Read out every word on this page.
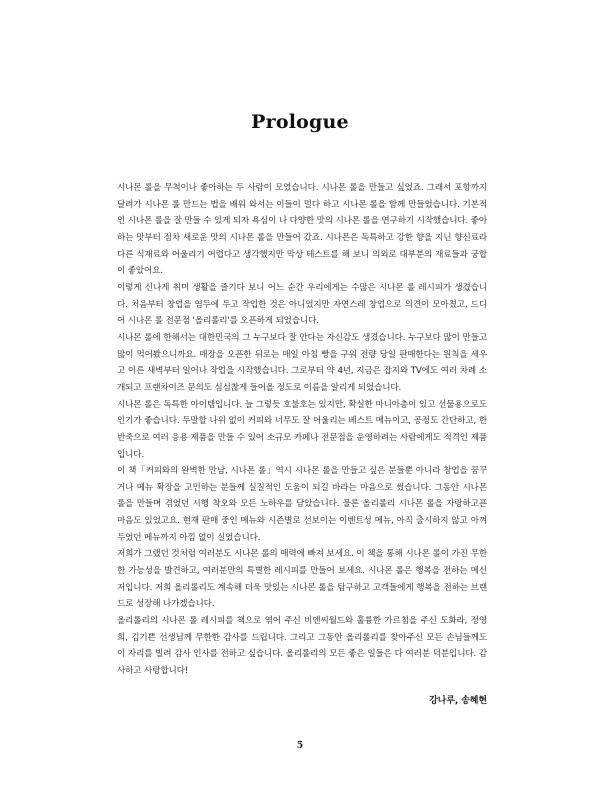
Prologue

시나몬 롤을 무척이나 좋아하는 두 사람이 모였습니다. 시나몬 롤을 만들고 싶었죠. 그래서 포항까지 달려가 시나몬 롤 만드는 법을 배워 와서는 이들이 멀다 하고 시나몬 롤을 함께 만들었습니다. 기본적인 시나몬 롤을 잘 만들 수 있게 되자 욕심이 나 다양한 맛의 시나몬 롤을 연구하기 시작했습니다. 좋아하는 맛부터 점차 새로운 맛의 시나몬 롤을 만들어 갔죠. 시나몬은 독특하고 강한 향을 지닌 향신료라 다른 식재료와 어울리기 어렵다고 생각했지만 막상 테스트를 해 보니 의외로 대부분의 재료들과 궁합이 좋았어요.

이렇게 신나게 취미 생활을 즐기다 보니 어느 순간 우리에게는 수많은 시나몬 롤 레시피가 생겼습니다. 처음부터 창업을 염두에 두고 작업한 것은 아니었지만 자연스레 창업으로 의견이 모아졌고, 드디어 시나몬 롤 전문점 '올리롤리'를 오픈하게 되었습니다.

시나몬 롤에 한해서는 대한민국의 그 누구보다 잘 안다는 자신감도 생겼습니다. 누구보다 많이 만들고 많이 먹어봤으니까요. 매장을 오픈한 뒤로는 매일 아침 빵을 구워 전량 당일 판매한다는 원칙을 세우고 이른 새벽부터 일어나 작업을 시작했습니다. 그로부터 약 4년, 지금은 잡지와 TV에도 여러 차례 소개되고 프랜차이즈 문의도 심심찮게 들어올 정도로 이름을 알리게 되었습니다.

시나몬 롤은 독특한 아이템입니다. 늘 그렇듯 호불호는 있지만, 확실한 마니아층이 있고 선물용으로도 인기가 좋습니다. 두말할 나위 없이 커피와 너무도 잘 어울리는 베스트 메뉴이고, 공정도 간단하고, 한 반죽으로 여러 응용 제품을 만들 수 있어 소규모 카페나 전문점을 운영하려는 사람에게도 적격인 제품입니다.

이 책「커피와의 완벽한 만남, 시나몬 롤」역시 시나몬 롤을 만들고 싶은 분들뿐 아니라 창업을 꿈꾸거나 메뉴 확장을 고민하는 분들께 실질적인 도움이 되길 바라는 마음으로 썼습니다. 그동안 시나몬 롤을 만들며 겪었던 시행 착오와 모든 노하우를 담았습니다. 물론 올리롤리 시나몬 롤을 자랑하고픈 마음도 있었고요. 현재 판매 중인 메뉴와 시즌별로 선보이는 이벤트성 메뉴, 아직 출시하지 않고 아껴 두었던 메뉴까지 아낌 없이 실었습니다.

저희가 그랬던 것처럼 여러분도 시나몬 롤의 매력에 빠져 보세요. 이 책을 통해 시나몬 롤이 가진 무한한 가능성을 발견하고, 여러분만의 특별한 레시피를 만들어 보세요. 시나몬 롤은 행복을 전하는 메신저입니다. 저희 올리롤리도 계속해 더욱 맛있는 시나몬 롤을 탐구하고 고객들에게 행복을 전하는 브랜드로 성장해 나가겠습니다.

올리롤리의 시나몬 롤 레시피를 책으로 엮어 주신 비앤씨월드와 훌륭한 가르침을 주신 도화라, 정영희, 김기쁜 선생님께 무한한 감사를 드립니다. 그리고 그동안 올리롤리를 찾아주신 모든 손님들께도 이 자리를 빌려 감사 인사를 전하고 싶습니다. 올리롤리의 모든 좋은 일들은 다 여러분 덕분입니다. 감사하고 사랑합니다!

강나루, 송혜현
5
